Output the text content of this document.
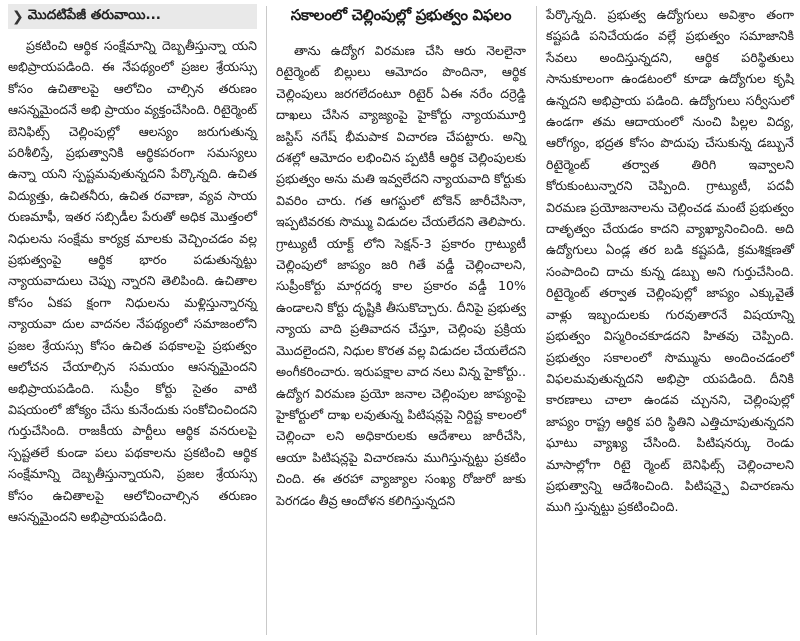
❯ మొదటిపేజీ తరువాయి...

ప్రకటించి ఆర్థిక సంక్షేమాన్ని దెబ్బతీస్తున్నా యని అభిప్రాయపడింది. ఈ నేపథ్యంలో ప్రజల శ్రేయస్సు కోసం ఉచితాలపై ఆలోచిం చాల్సిన తరుణం ఆసన్నమైందనే అభి ప్రాయం వ్యక్తంచేసింది. రిటైర్మెంట్ బెనిఫిట్స్ చెల్లింపుల్లో ఆలస్యం జరుగుతున్న పరిశీలిస్తే, ప్రభుత్వానికి ఆర్థికపరంగా సమస్యలు ఉన్నా యని స్పష్టమవుతున్నదని పేర్కొన్నది. ఉచిత విద్యుత్తు, ఉచితనీరు, ఉచిత రవాణా, వ్యవ సాయ రుణమాఫీ, ఇతర సబ్సిడీల పేరుతో అధిక మొత్తంలో నిధులను సంక్షేమ కార్యక్ర మాలకు వెచ్చించడం వల్ల ప్రభుత్వంపై ఆర్థిక భారం పడుతున్నట్టు న్యాయవాదులు చెప్పు న్నారని తెలిపింది. ఉచితాల కోసం ఏకప క్షంగా నిధులను మళ్లిస్తున్నారన్న న్యాయవా దుల వాదనల నేపథ్యంలో సమాజంలోని ప్రజల శ్రేయస్సు కోసం ఉచిత పథకాలపై ప్రభుత్వం ఆలోచన చేయాల్సిన సమయం ఆసన్నమైందని అభిప్రాయపడింది. సుప్రీం కోర్టు సైతం వాటి విషయంలో జోక్యం చేసు కునేందుకు సంకోచించిందని గుర్తుచేసింది. రాజకీయ పార్టీలు ఆర్థిక వనరులపై స్పష్టతలే కుండా పలు పథకాలను ప్రకటించి ఆర్థిక సంక్షేమాన్ని దెబ్బతీస్తున్నాయని, ప్రజల శ్రేయస్సు కోసం ఉచితాలపై ఆలోచించాల్సిన తరుణం ఆసన్నమైందని అభిప్రాయపడింది.

సకాలంలో చెల్లింపుల్లో ప్రభుత్వం విఫలం

తాను ఉద్యోగ విరమణ చేసి ఆరు నెలలైనా రిటైర్మెంట్ బిల్లులు ఆమోదం పొందినా, ఆర్థిక చెల్లింపులు జరగలేదంటూ రిటైర్ ఏఈ నరేం దర్రెడ్డి దాఖలు చేసిన వ్యాజ్యంపై హైకోర్టు న్యాయమూర్తి జస్టిస్ నగేష్ భీమపాక విచారణ చేపట్టారు. అన్ని దశల్లో ఆమోదం లభించిన ప్పటికీ ఆర్థిక చెల్లింపులకు ప్రభుత్వం అను మతి ఇవ్వలేదని న్యాయవాది కోర్టుకు వివరిం చారు. గత ఆగస్టులో టోకెన్ జారీచేసినా, ఇప్పటివరకు సొమ్ము విడుదల చేయలేదని తెలిపారు. గ్రాట్యుటీ యాక్ట్ లోని సెక్షన్-3 ప్రకారం గ్రాట్యుటీ చెల్లింపులో జాప్యం జరి గితే వడ్డీ చెల్లించాలని, సుప్రీంకోర్టు మార్గదర్శ కాల ప్రకారం వడ్డీ 10% ఉండాలని కోర్టు దృష్టికి తీసుకొచ్చారు. దీనిపై ప్రభుత్వ న్యాయ వాది ప్రతివాదన చేస్తూ, చెల్లింపు ప్రక్రియ మొదలైందని, నిధుల కొరత వల్ల విడుదల చేయలేదని అంగీకరించారు. ఇరుపక్షాల వాద నలు విన్న హైకోర్టు.. ఉద్యోగ విరమణ ప్రయో జనాల చెల్లింపుల జాప్యంపై హైకోర్టులో దాఖ లవుతున్న పిటిషన్లపై నిర్దిష్ట కాలంలో చెల్లించా లని అధికారులకు ఆదేశాలు జారీచేసి, ఆయా పిటిషన్లపై విచారణను ముగిస్తున్నట్టు ప్రకటిం చింది. ఈ తరహా వ్యాజ్యాల సంఖ్య రోజురో జుకు పెరగడం తీవ్ర ఆందోళన కలిగిస్తున్నదని

పేర్కొన్నది. ప్రభుత్వ ఉద్యోగులు అవిశ్రాం తంగా కష్టపడి పనిచేయడం వల్లే ప్రభుత్వం సమాజానికి సేవలు అందిస్తున్నదని, ఆర్థిక పరిస్థితులు సానుకూలంగా ఉండటంలో కూడా ఉద్యోగుల కృషి ఉన్నదని అభిప్రాయ పడింది. ఉద్యోగులు సర్వీసులో ఉండగా తమ ఆదాయంలో నుంచి పిల్లల విద్య, ఆరోగ్యం, భద్రత కోసం పొదుపు చేసుకున్న డబ్బునే రిటైర్మెంట్ తర్వాత తిరిగి ఇవ్వాలని కోరుకుంటున్నారని చెప్పింది. గ్రాట్యుటీ, పదవీ విరమణ ప్రయోజనాలను చెల్లించడ మంటే ప్రభుత్వం దాతృత్వం చేయడం కాదని వ్యాఖ్యానించింది. అది ఉద్యోగులు ఏండ్ల తర బడి కష్టపడి, క్రమశిక్షణతో సంపాదించి దాచు కున్న డబ్బు అని గుర్తుచేసింది. రిటైర్మెంట్ తర్వాత చెల్లింపుల్లో జాప్యం ఎక్కువైతే వాళ్లు ఇబ్బందులకు గురవుతారనే విషయాన్ని ప్రభుత్వం విస్మరించకూడదని హితవు చెప్పింది. ప్రభుత్వం సకాలంలో సొమ్మును అందించడంలో విఫలమవుతున్నదని అభిప్రా యపడింది. దీనికి కారణాలు చాలా ఉండవ చ్చునని, చెల్లింపుల్లో జాప్యం రాష్ట్ర ఆర్థిక పరి స్థితిని ఎత్తిచూపుతున్నదని ఘాటు వ్యాఖ్య చేసింది. పిటిషనర్కు రెండు మాసాల్లోగా రిటై ర్మెంట్ బెనిఫిట్స్ చెల్లించాలని ప్రభుత్వాన్ని ఆదేశించింది. పిటిషన్పై విచారణను ముగి స్తున్నట్టు ప్రకటించింది.
